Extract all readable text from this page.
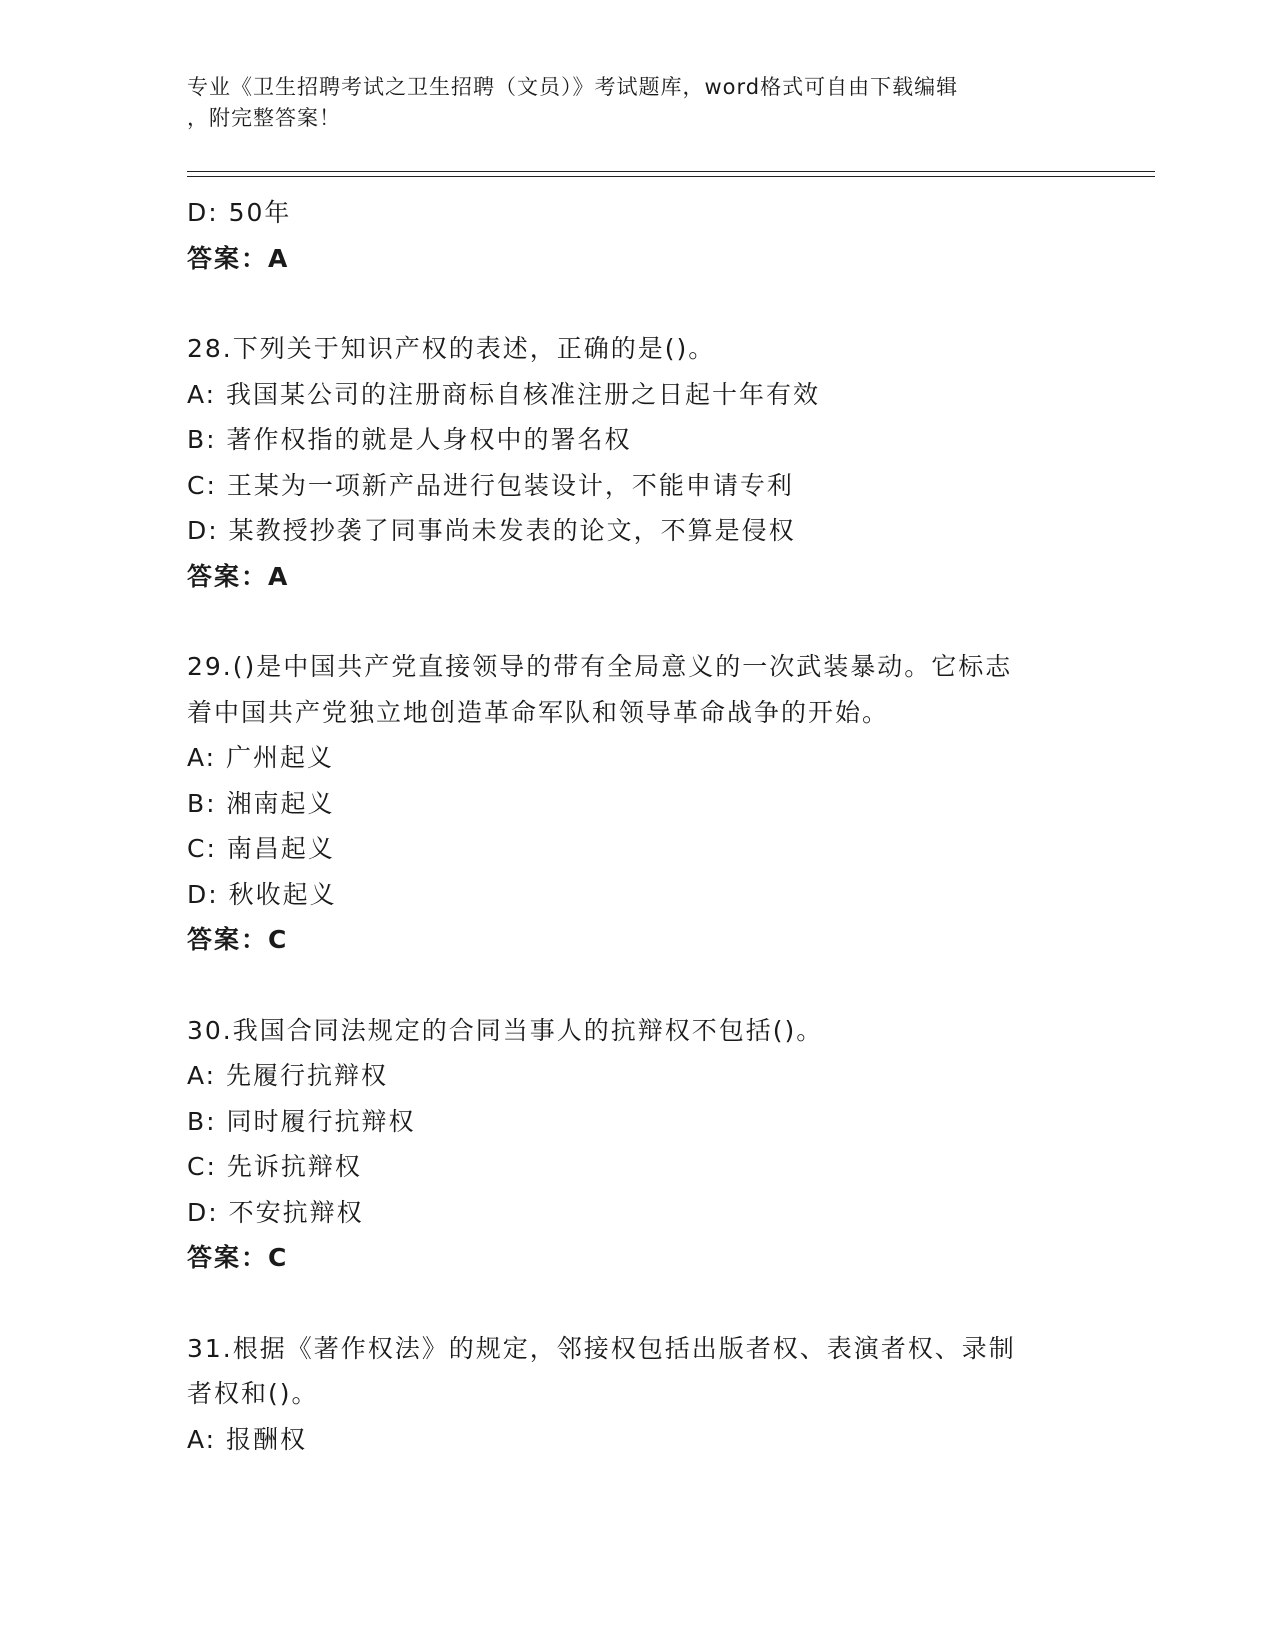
专业《卫生招聘考试之卫生招聘（文员）》考试题库，word格式可自由下载编辑
，附完整答案！
D: 50年
答案：A
28.下列关于知识产权的表述，正确的是()。
A: 我国某公司的注册商标自核准注册之日起十年有效
B: 著作权指的就是人身权中的署名权
C: 王某为一项新产品进行包装设计，不能申请专利
D: 某教授抄袭了同事尚未发表的论文，不算是侵权
答案：A
29.()是中国共产党直接领导的带有全局意义的一次武装暴动。它标志
着中国共产党独立地创造革命军队和领导革命战争的开始。
A: 广州起义
B: 湘南起义
C: 南昌起义
D: 秋收起义
答案：C
30.我国合同法规定的合同当事人的抗辩权不包括()。
A: 先履行抗辩权
B: 同时履行抗辩权
C: 先诉抗辩权
D: 不安抗辩权
答案：C
31.根据《著作权法》的规定，邻接权包括出版者权、表演者权、录制
者权和()。
A: 报酬权
